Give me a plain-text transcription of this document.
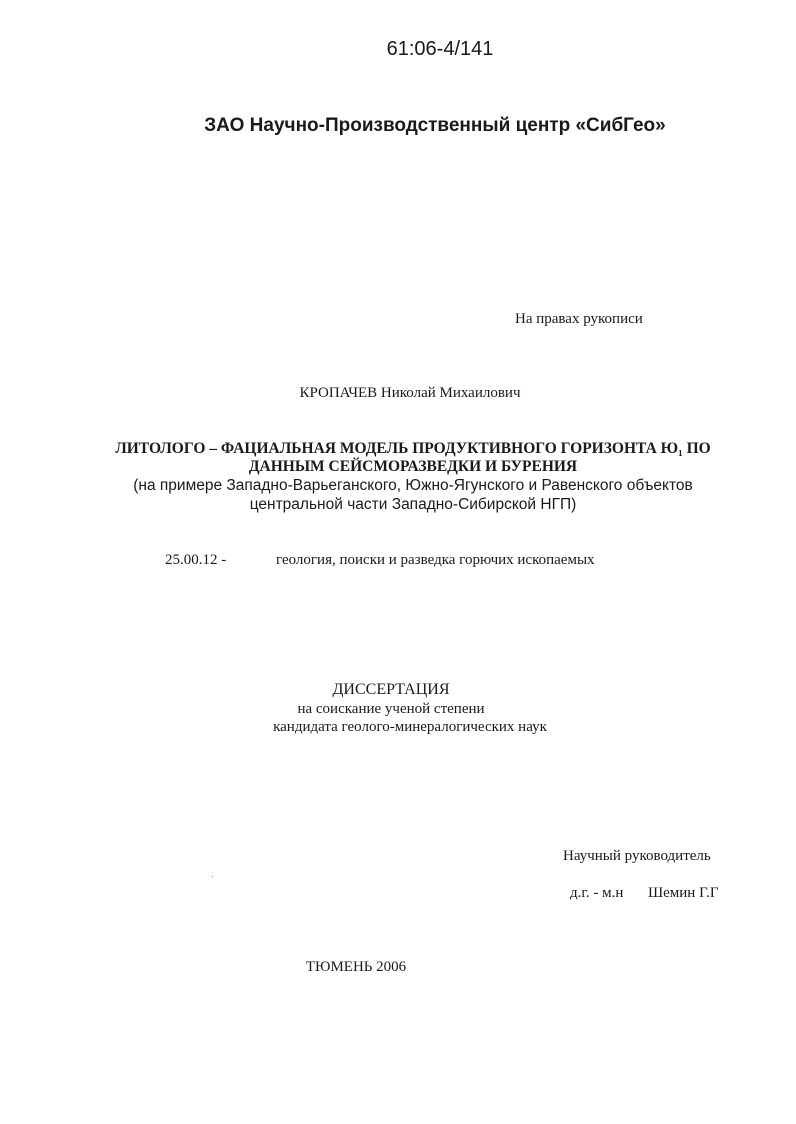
61:06-4/141
ЗАО Научно-Производственный центр «СибГео»
На правах рукописи
КРОПАЧЕВ Николай Михаилович
ЛИТОЛОГО – ФАЦИАЛЬНАЯ МОДЕЛЬ ПРОДУКТИВНОГО ГОРИЗОНТА Ю₁ ПО
ДАННЫМ СЕЙСМОРАЗВЕДКИ И БУРЕНИЯ
(на примере Западно-Варьеганского, Южно-Ягунского и Равенского объектов
центральной части Западно-Сибирской НГП)
25.00.12 -	геология, поиски и разведка горючих ископаемых
ДИССЕРТАЦИЯ
на соискание ученой степени
кандидата геолого-минералогических наук
Научный руководитель
д.г. - м.н Шемин Г.Г
ТЮМЕНЬ 2006
